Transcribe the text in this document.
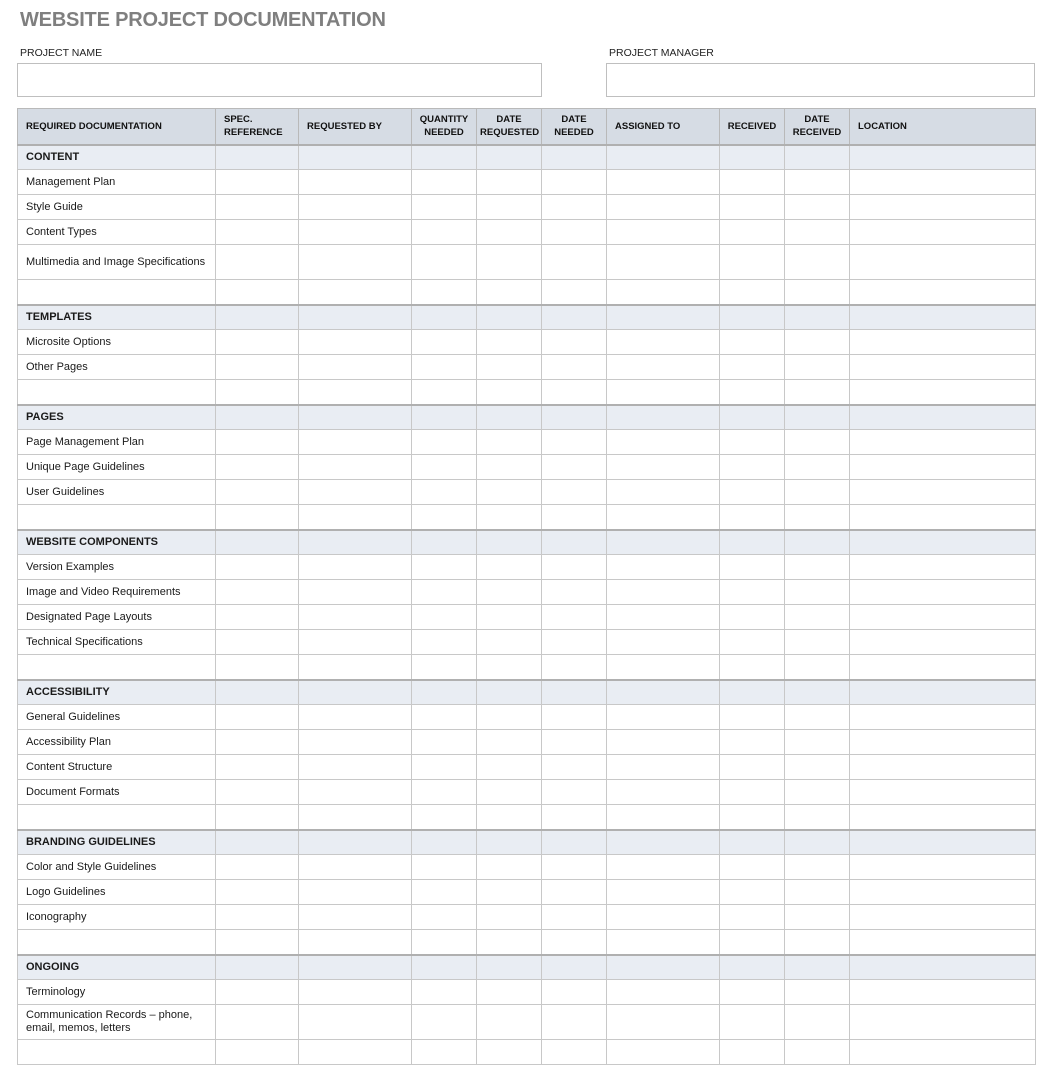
WEBSITE PROJECT DOCUMENTATION
PROJECT NAME	PROJECT MANAGER
REQUIRED DOCUMENTATION	SPEC. REFERENCE	REQUESTED BY	QUANTITY NEEDED	DATE REQUESTED	DATE NEEDED	ASSIGNED TO	RECEIVED	DATE RECEIVED	LOCATION
CONTENT									
Management Plan									
Style Guide									
Content Types									
Multimedia and Image Specifications									

TEMPLATES									
Microsite Options									
Other Pages									

PAGES									
Page Management Plan									
Unique Page Guidelines									
User Guidelines									

WEBSITE COMPONENTS									
Version Examples									
Image and Video Requirements									
Designated Page Layouts									
Technical Specifications									

ACCESSIBILITY									
General Guidelines									
Accessibility Plan									
Content Structure									
Document Formats									

BRANDING GUIDELINES									
Color and Style Guidelines									
Logo Guidelines									
Iconography									

ONGOING									
Terminology									
Communication Records – phone, email, memos, letters									
